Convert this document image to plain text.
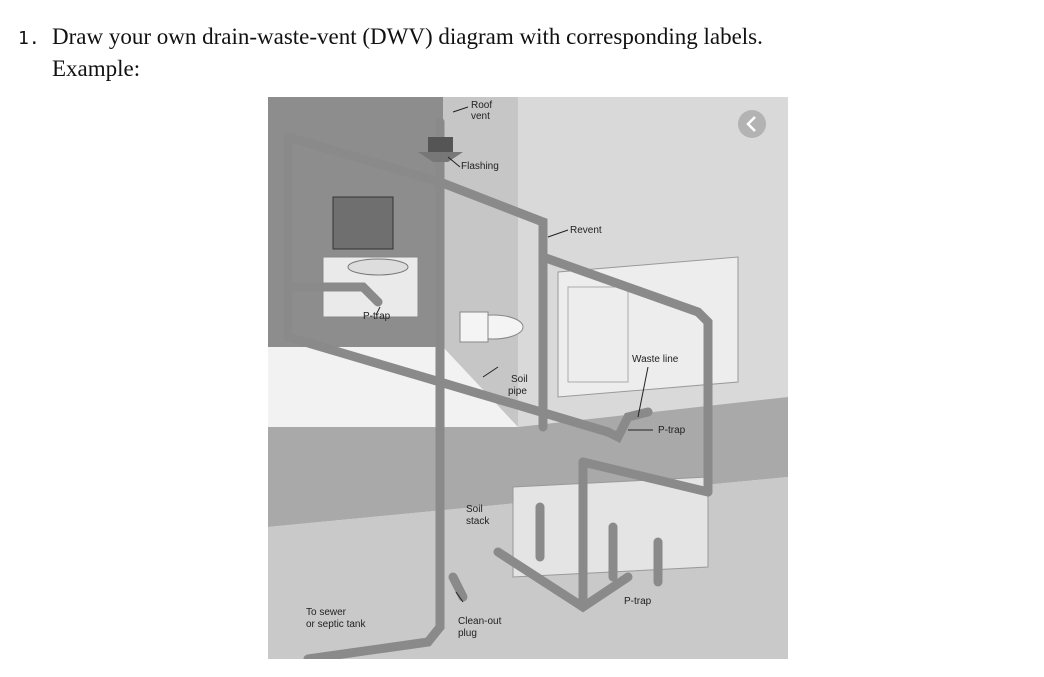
1. Draw your own drain-waste-vent (DWV) diagram with corresponding labels.
Example:
Roof
vent
Flashing
Revent
P-trap
Waste line
Soil
pipe
P-trap
Soil
stack
P-trap
To sewer
or septic tank	Clean-out
plug
